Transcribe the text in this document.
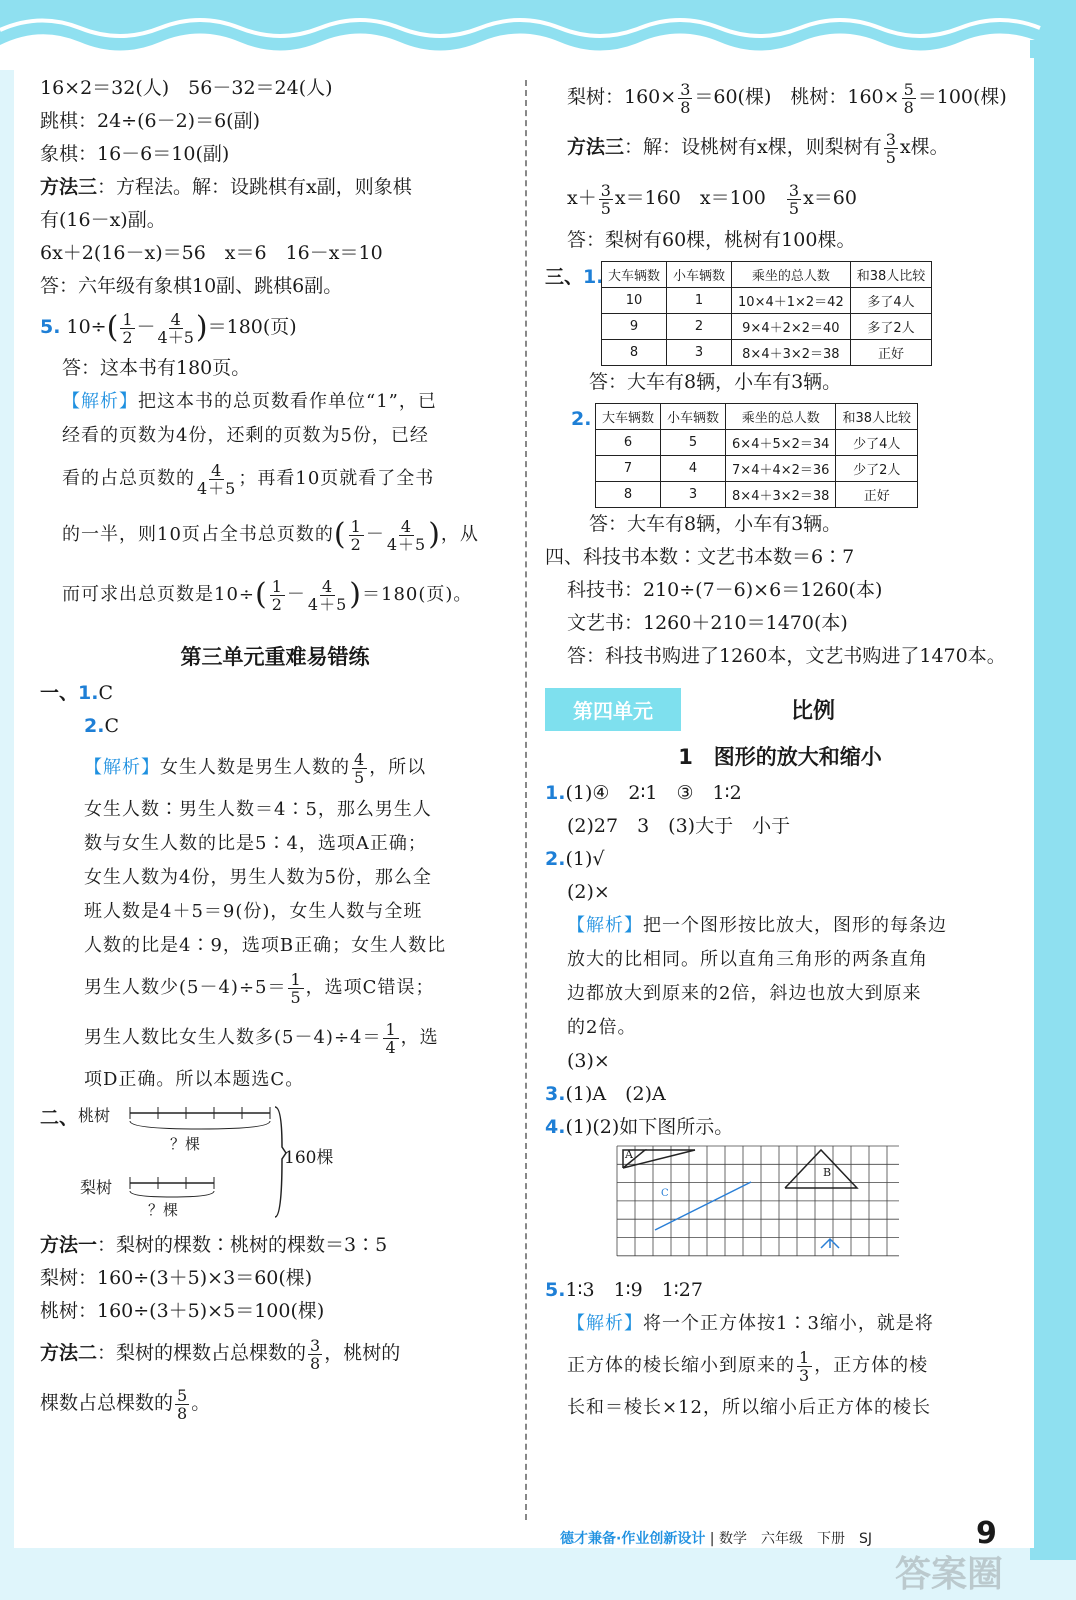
16×2＝32(人)　56－32＝24(人)
跳棋：24÷(6－2)＝6(副)
象棋：16－6＝10(副)
方法三：方程法。解：设跳棋有x副，则象棋
有(16－x)副。
6x＋2(16－x)＝56　x＝6　16－x＝10
答：六年级有象棋10副、跳棋6副。
5. $10\div( \frac{1}{2} - \frac{4}{4+5} )=180$(页)
答：这本书有180页。
【解析】把这本书的总页数看作单位“1”，已
经看的页数为4份，还剩的页数为5份，已经
看的占总页数的 $\frac{4}{4+5}$ ；再看10页就看了全书
的一半，则10页占全书总页数的( $\frac{1}{2} - \frac{4}{4+5}$ )，从
而可求出总页数是$10\div( \frac{1}{2} - \frac{4}{4+5} )=180$(页)。
第三单元重难易错练
一、1.C
2.C
【解析】女生人数是男生人数的 $\frac{4}{5}$ ，所以
女生人数∶男生人数＝4∶5，那么男生人
数与女生人数的比是5∶4，选项A正确；
女生人数为4份，男生人数为5份，那么全
班人数是4＋5＝9(份)，女生人数与全班
人数的比是4∶9，选项B正确；女生人数比
男生人数少$(5-4)\div 5= \frac{1}{5}$ ，选项C错误；
男生人数比女生人数多$(5-4)\div 4= \frac{1}{4}$ ，选
项D正确。所以本题选C。
二、 桃树
梨树
？棵
？棵
160棵
方法一：梨树的棵数∶桃树的棵数＝3∶5
梨树：160÷(3＋5)×3＝60(棵)
桃树：160÷(3＋5)×5＝100(棵)
方法二：梨树的棵数占总棵数的 $\frac{3}{8}$ ，桃树的
棵数占总棵数的 $\frac{5}{8}$ 。
梨树：$160\times \frac{3}{8} =60$(棵)　桃树：$160\times \frac{5}{8} =100$(棵)
方法三：解：设桃树有x棵，则梨树有 $\frac{3}{5}$ x棵。
$x+ \frac{3}{5} x=160$　x＝100　 $\frac{3}{5} x=60$
答：梨树有60棵，桃树有100棵。
三、1. 大车辆数	小车辆数	乘坐的总人数	和38人比较
10	1	10×4＋1×2＝42	多了4人
9	2	9×4＋2×2＝40	多了2人
8	3	8×4＋3×2＝38	正好
答：大车有8辆，小车有3辆。
2. 大车辆数	小车辆数	乘坐的总人数	和38人比较
6	5	6×4＋5×2＝34	少了4人
7	4	7×4＋4×2＝36	少了2人
8	3	8×4＋3×2＝38	正好
答：大车有8辆，小车有3辆。
四、科技书本数∶文艺书本数＝6∶7
科技书：210÷(7－6)×6＝1260(本)
文艺书：1260＋210＝1470(本)
答：科技书购进了1260本，文艺书购进了1470本。
第四单元	比例
1　图形的放大和缩小
1.(1)④　2∶1　③　1∶2
(2)27　3　(3)大于　小于
2.(1)√
(2)×
【解析】把一个图形按比放大，图形的每条边
放大的比相同。所以直角三角形的两条直角
边都放大到原来的2倍，斜边也放大到原来
的2倍。
(3)×
3.(1)A　(2)A
4.(1)(2)如下图所示。
A
B
C
5.1∶3　1∶9　1∶27
【解析】将一个正方体按1∶3缩小，就是将
正方体的棱长缩小到原来的 $\frac{1}{3}$ ，正方体的棱
长和＝棱长×12，所以缩小后正方体的棱长
德才兼备·作业创新设计 | 数学　六年级　下册　SJ	9
答案圈
